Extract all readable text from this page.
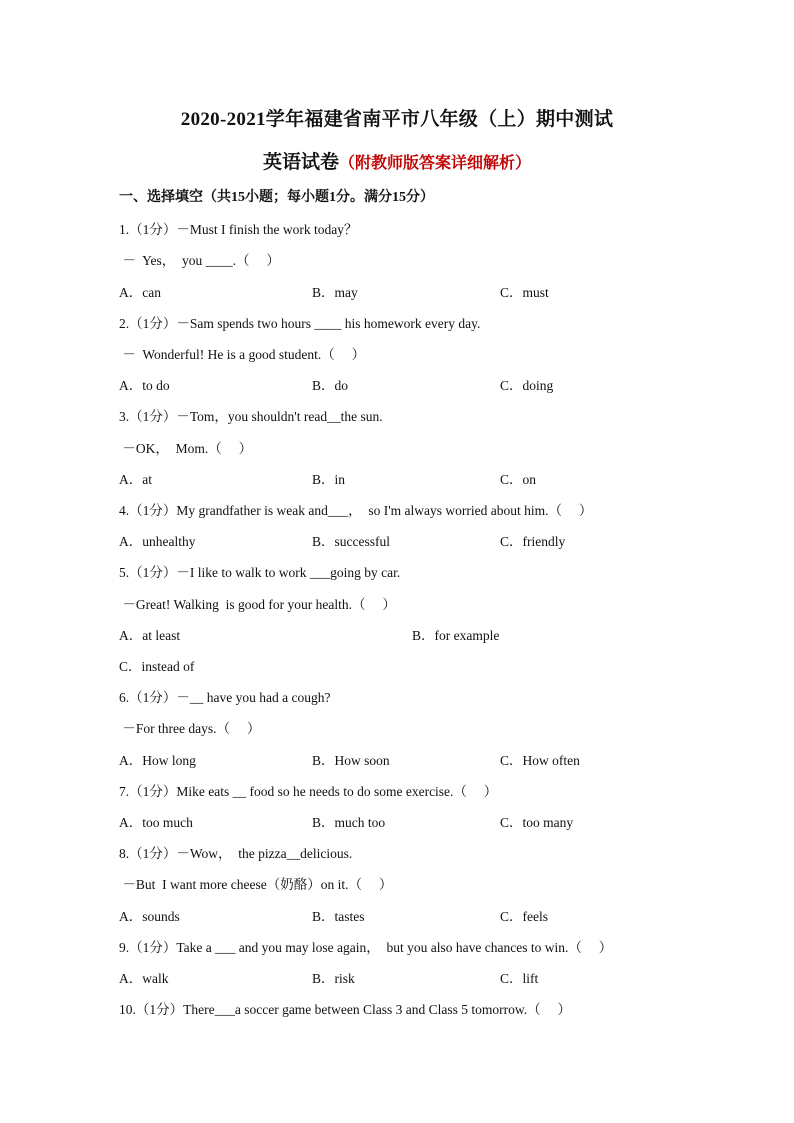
2020-2021学年福建省南平市八年级（上）期中测试
英语试卷（附教师版答案详细解析）
一、选择填空（共15小题；每小题1分。满分15分）
1.（1分）－Must I finish the work today？
－  Yes，  you ____.（     ）
A．can	B．may	C．must
2.（1分）－Sam spends two hours ____ his homework every day.
－  Wonderful! He is a good student.（     ）
A．to do	B．do	C．doing
3.（1分）－Tom，you shouldn't read__the sun.
－OK，  Mom.（     ）
A．at	B．in	C．on
4.（1分）My grandfather is weak and___，  so I'm always worried about him.（     ）
A．unhealthy	B．successful	C．friendly
5.（1分）－I like to walk to work ___going by car.
－Great! Walking  is good for your health.（     ）
A．at least	B．for example
C．instead of
6.（1分）－__ have you had a cough?
－For three days.（     ）
A．How long	B．How soon	C．How often
7.（1分）Mike eats __ food so he needs to do some exercise.（     ）
A．too much	B．much too	C．too many
8.（1分）－Wow，  the pizza__delicious.
－But  I want more cheese（奶酪）on it.（     ）
A．sounds	B．tastes	C．feels
9.（1分）Take a ___ and you may lose again，  but you also have chances to win.（     ）
A．walk	B．risk	C．lift
10.（1分）There___a soccer game between Class 3 and Class 5 tomorrow.（     ）
